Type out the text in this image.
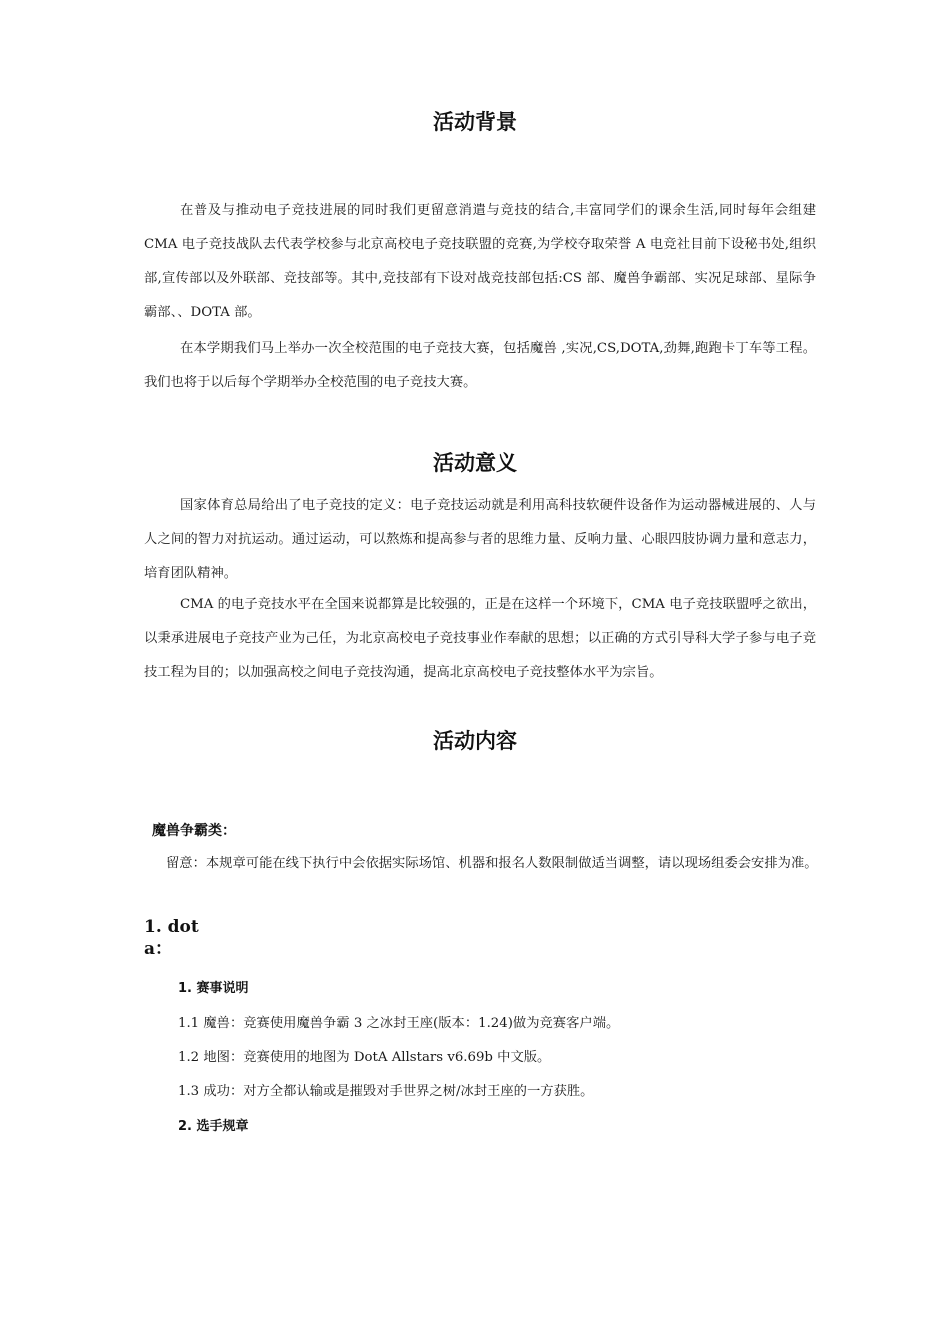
活动背景

在普及与推动电子竞技进展的同时我们更留意消遣与竞技的结合,丰富同学们的课余生活,同时每年会组建 CMA 电子竞技战队去代表学校参与北京高校电子竞技联盟的竞赛,为学校夺取荣誉 A 电竞社目前下设秘书处,组织部,宣传部以及外联部、竞技部等。其中,竞技部有下设对战竞技部包括:CS 部、魔兽争霸部、实况足球部、星际争霸部、、DOTA 部。

在本学期我们马上举办一次全校范围的电子竞技大赛，包括魔兽 ,实况,CS,DOTA,劲舞,跑跑卡丁车等工程。我们也将于以后每个学期举办全校范围的电子竞技大赛。

活动意义

国家体育总局给出了电子竞技的定义：电子竞技运动就是利用高科技软硬件设备作为运动器械进展的、人与人之间的智力对抗运动。通过运动，可以熬炼和提高参与者的思维力量、反响力量、心眼四肢协调力量和意志力，培育团队精神。

CMA 的电子竞技水平在全国来说都算是比较强的，正是在这样一个环境下，CMA 电子竞技联盟呼之欲出，以秉承进展电子竞技产业为己任，为北京高校电子竞技事业作奉献的思想；以正确的方式引导科大学子参与电子竞技工程为目的；以加强高校之间电子竞技沟通，提高北京高校电子竞技整体水平为宗旨。

活动内容

魔兽争霸类：

留意：本规章可能在线下执行中会依据实际场馆、机器和报名人数限制做适当调整，请以现场组委会安排为准。

1. dota：

1. 赛事说明

1.1 魔兽：竞赛使用魔兽争霸 3 之冰封王座(版本：1.24)做为竞赛客户端。

1.2 地图：竞赛使用的地图为 DotA Allstars v6.69b 中文版。

1.3 成功：对方全都认输或是摧毁对手世界之树/冰封王座的一方获胜。

2. 选手规章
